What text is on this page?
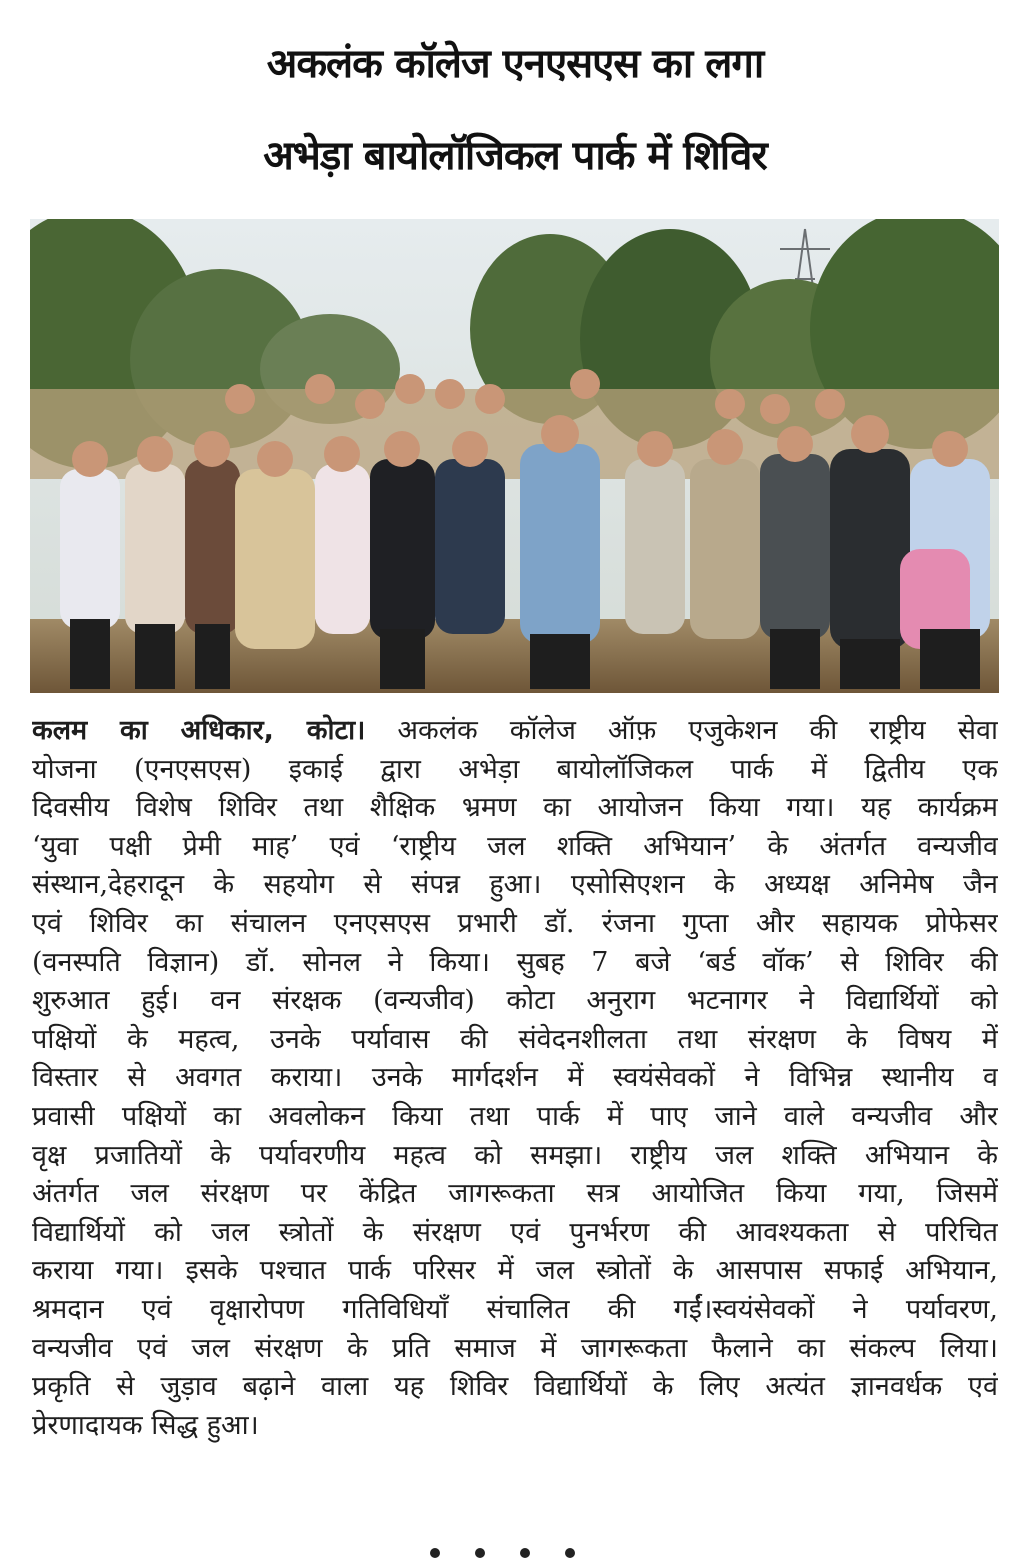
अकलंक कॉलेज एनएसएस का लगा
अभेड़ा बायोलॉजिकल पार्क में शिविर
कलम का अधिकार, कोटा। अकलंक कॉलेज ऑफ़ एजुकेशन की राष्ट्रीय सेवा
योजना (एनएसएस) इकाई द्वारा अभेड़ा बायोलॉजिकल पार्क में द्वितीय एक
दिवसीय विशेष शिविर तथा शैक्षिक भ्रमण का आयोजन किया गया। यह कार्यक्रम
‘युवा पक्षी प्रेमी माह’ एवं ‘राष्ट्रीय जल शक्ति अभियान’ के अंतर्गत वन्यजीव
संस्थान,देहरादून के सहयोग से संपन्न हुआ। एसोसिएशन के अध्यक्ष अनिमेष जैन
एवं शिविर का संचालन एनएसएस प्रभारी डॉ. रंजना गुप्ता और सहायक प्रोफेसर
(वनस्पति विज्ञान) डॉ. सोनल ने किया। सुबह 7 बजे ‘बर्ड वॉक’ से शिविर की
शुरुआत हुई। वन संरक्षक (वन्यजीव) कोटा अनुराग भटनागर ने विद्यार्थियों को
पक्षियों के महत्व, उनके पर्यावास की संवेदनशीलता तथा संरक्षण के विषय में
विस्तार से अवगत कराया। उनके मार्गदर्शन में स्वयंसेवकों ने विभिन्न स्थानीय व
प्रवासी पक्षियों का अवलोकन किया तथा पार्क में पाए जाने वाले वन्यजीव और
वृक्ष प्रजातियों के पर्यावरणीय महत्व को समझा। राष्ट्रीय जल शक्ति अभियान के
अंतर्गत जल संरक्षण पर केंद्रित जागरूकता सत्र आयोजित किया गया, जिसमें
विद्यार्थियों को जल स्त्रोतों के संरक्षण एवं पुनर्भरण की आवश्यकता से परिचित
कराया गया। इसके पश्चात पार्क परिसर में जल स्त्रोतों के आसपास सफाई अभियान,
श्रमदान एवं वृक्षारोपण गतिविधियाँ संचालित की गईं।स्वयंसेवकों ने पर्यावरण,
वन्यजीव एवं जल संरक्षण के प्रति समाज में जागरूकता फैलाने का संकल्प लिया।
प्रकृति से जुड़ाव बढ़ाने वाला यह शिविर विद्यार्थियों के लिए अत्यंत ज्ञानवर्धक एवं
प्रेरणादायक सिद्ध हुआ।
